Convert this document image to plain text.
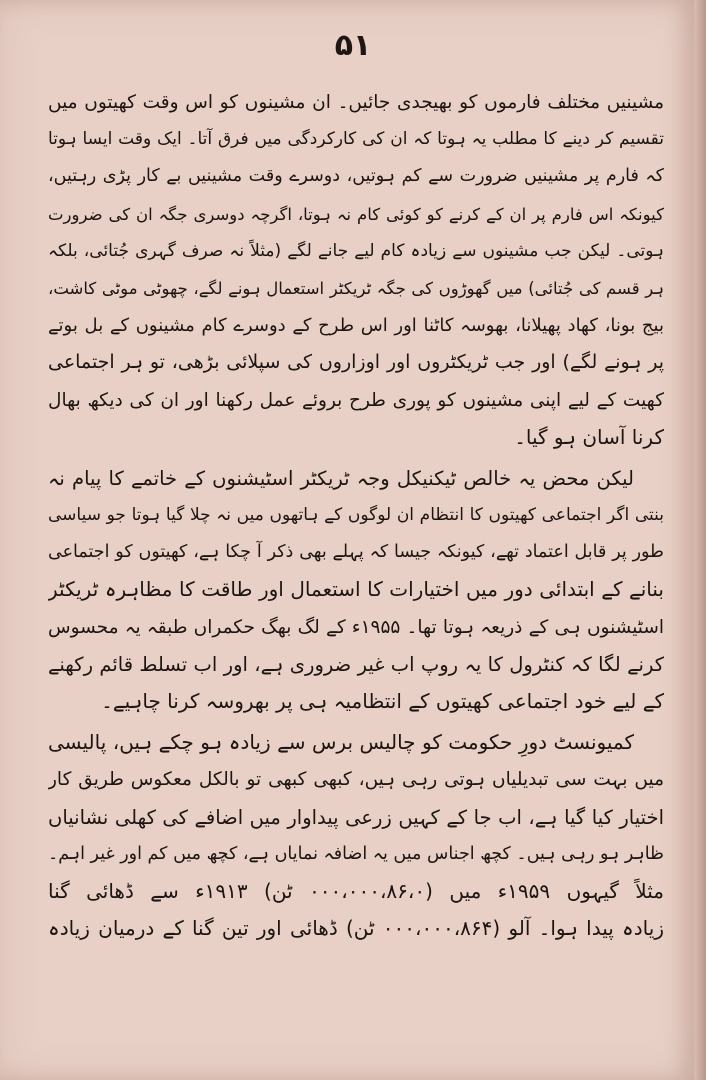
۵۱
مشینیں مختلف فارموں کو بھیجدی جائیں۔ ان مشینوں کو اس وقت کھیتوں میں
تقسیم کر دینے کا مطلب یہ ہوتا کہ ان کی کارکردگی میں فرق آتا۔ ایک وقت ایسا ہوتا
کہ فارم پر مشینیں ضرورت سے کم ہوتیں، دوسرے وقت مشینیں بے کار پڑی رہتیں،
کیونکہ اس فارم پر ان کے کرنے کو کوئی کام نہ ہوتا، اگرچہ دوسری جگہ ان کی ضرورت
ہوتی۔ لیکن جب مشینوں سے زیادہ کام لیے جانے لگے (مثلاً نہ صرف گہری جُتائی، بلکہ
ہر قسم کی جُتائی) میں گھوڑوں کی جگہ ٹریکٹر استعمال ہونے لگے، چھوٹی موٹی کاشت،
بیج بونا، کھاد پھیلانا، بھوسہ کاٹنا اور اس طرح کے دوسرے کام مشینوں کے بل بوتے
پر ہونے لگے) اور جب ٹریکٹروں اور اوزاروں کی سپلائی بڑھی، تو ہر اجتماعی
کھیت کے لیے اپنی مشینوں کو پوری طرح بروئے عمل رکھنا اور ان کی دیکھ بھال
کرنا آسان ہو گیا۔
لیکن محض یہ خالص ٹیکنیکل وجہ ٹریکٹر اسٹیشنوں کے خاتمے کا پیام نہ
بنتی اگر اجتماعی کھیتوں کا انتظام ان لوگوں کے ہاتھوں میں نہ چلا گیا ہوتا جو سیاسی
طور پر قابل اعتماد تھے، کیونکہ جیسا کہ پہلے بھی ذکر آ چکا ہے، کھیتوں کو اجتماعی
بنانے کے ابتدائی دور میں اختیارات کا استعمال اور طاقت کا مظاہرہ ٹریکٹر
اسٹیشنوں ہی کے ذریعہ ہوتا تھا۔ ۱۹۵۵ء کے لگ بھگ حکمراں طبقہ یہ محسوس
کرنے لگا کہ کنٹرول کا یہ روپ اب غیر ضروری ہے، اور اب تسلط قائم رکھنے
کے لیے خود اجتماعی کھیتوں کے انتظامیہ ہی پر بھروسہ کرنا چاہیے۔
کمیونسٹ دورِ حکومت کو چالیس برس سے زیادہ ہو چکے ہیں، پالیسی
میں بہت سی تبدیلیاں ہوتی رہی ہیں، کبھی کبھی تو بالکل معکوس طریق کار
اختیار کیا گیا ہے، اب جا کے کہیں زرعی پیداوار میں اضافے کی کھلی نشانیاں
ظاہر ہو رہی ہیں۔ کچھ اجناس میں یہ اضافہ نمایاں ہے، کچھ میں کم اور غیر اہم۔
مثلاً گیہوں ۱۹۵۹ء میں (۰۰۰،۰۰۰،۸۶،۰ ٹن) ۱۹۱۳ء سے ڈھائی گنا
زیادہ پیدا ہوا۔ آلو (۰۰۰،۰۰۰،۸۶۴ ٹن) ڈھائی اور تین گنا کے درمیان زیادہ
